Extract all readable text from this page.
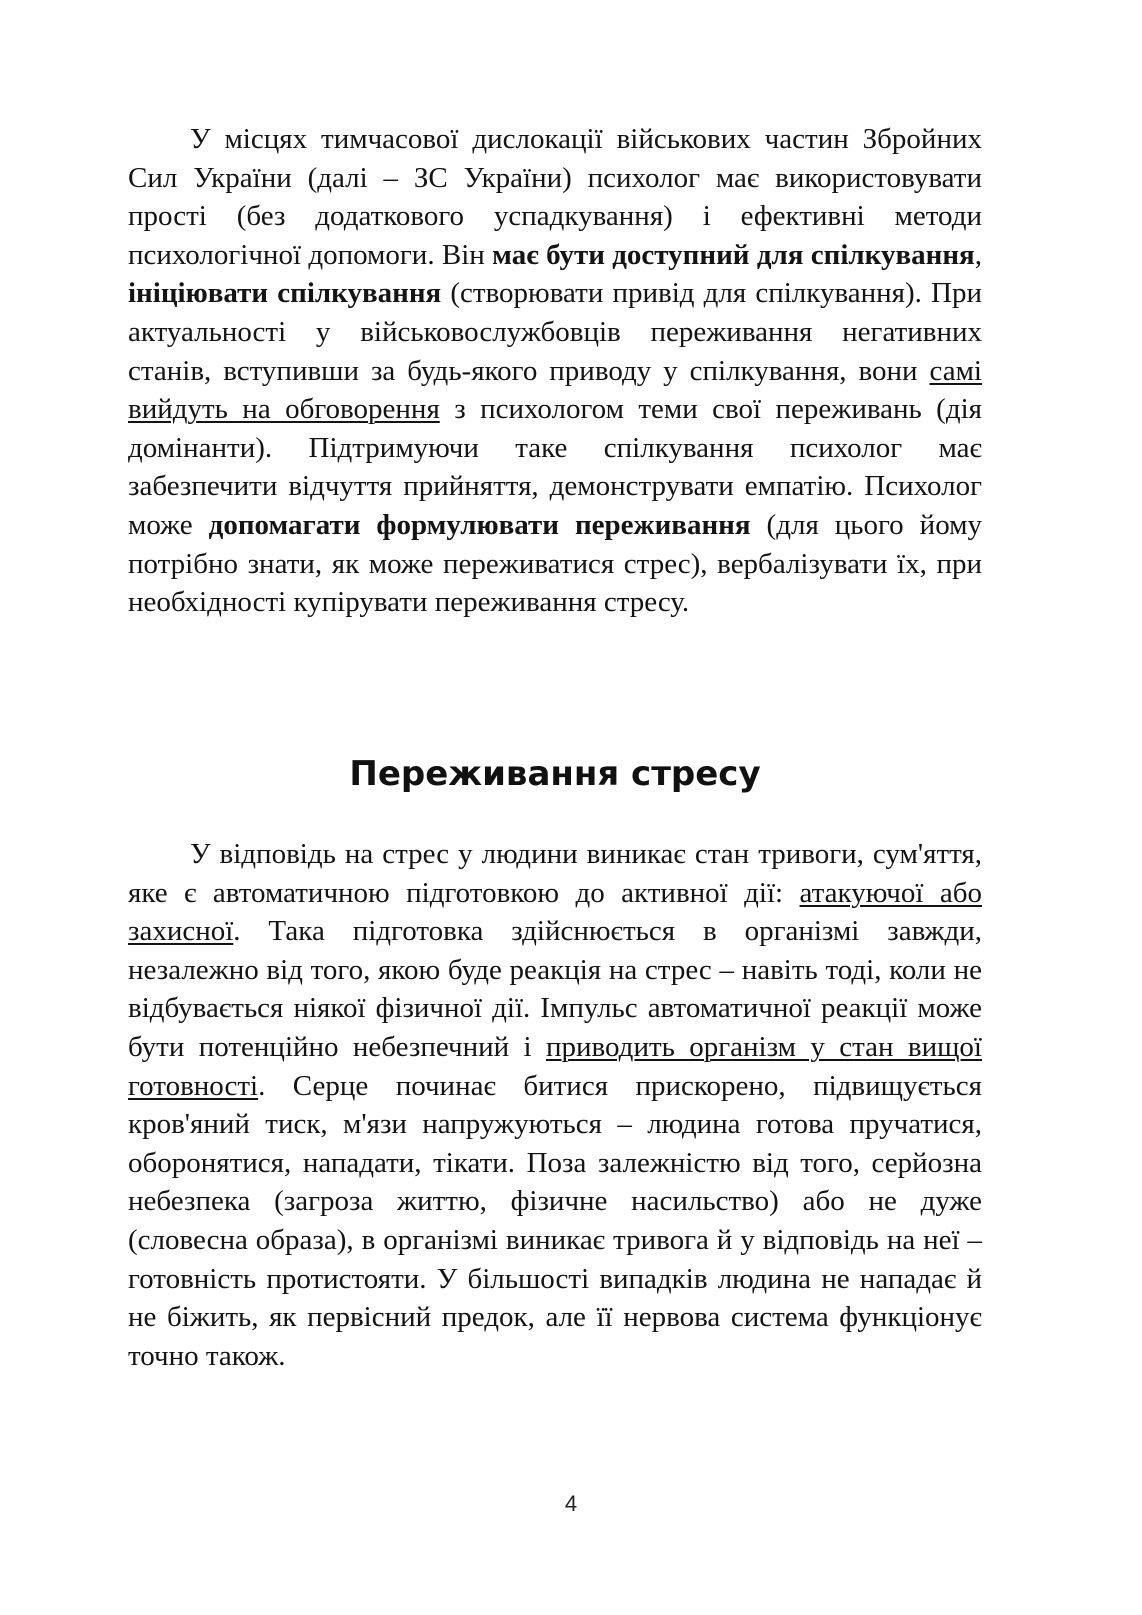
У місцях тимчасової дислокації військових частин Збройних Сил України (далі – ЗС України) психолог має використовувати прості (без додаткового успадкування) і ефективні методи психологічної допомоги. Він має бути доступний для спілкування, ініціювати спілкування (створювати привід для спілкування). При актуальності у військовослужбовців переживання негативних станів, вступивши за будь-якого приводу у спілкування, вони самі вийдуть на обговорення з психологом теми свої переживань (дія домінанти). Підтримуючи таке спілкування психолог має забезпечити відчуття прийняття, демонструвати емпатію. Психолог може допомагати формулювати переживання (для цього йому потрібно знати, як може переживатися стрес), вербалізувати їх, при необхідності купірувати переживання стресу.

Переживання стресу

У відповідь на стрес у людини виникає стан тривоги, сум'яття, яке є автоматичною підготовкою до активної дії: атакуючої або захисної. Така підготовка здійснюється в організмі завжди, незалежно від того, якою буде реакція на стрес – навіть тоді, коли не відбувається ніякої фізичної дії. Імпульс автоматичної реакції може бути потенційно небезпечний і приводить організм у стан вищої готовності. Серце починає битися прискорено, підвищується кров'яний тиск, м'язи напружуються – людина готова пручатися, оборонятися, нападати, тікати. Поза залежністю від того, серйозна небезпека (загроза життю, фізичне насильство) або не дуже (словесна образа), в організмі виникає тривога й у відповідь на неї – готовність протистояти. У більшості випадків людина не нападає й не біжить, як первісний предок, але її нервова система функціонує точно також.

4
